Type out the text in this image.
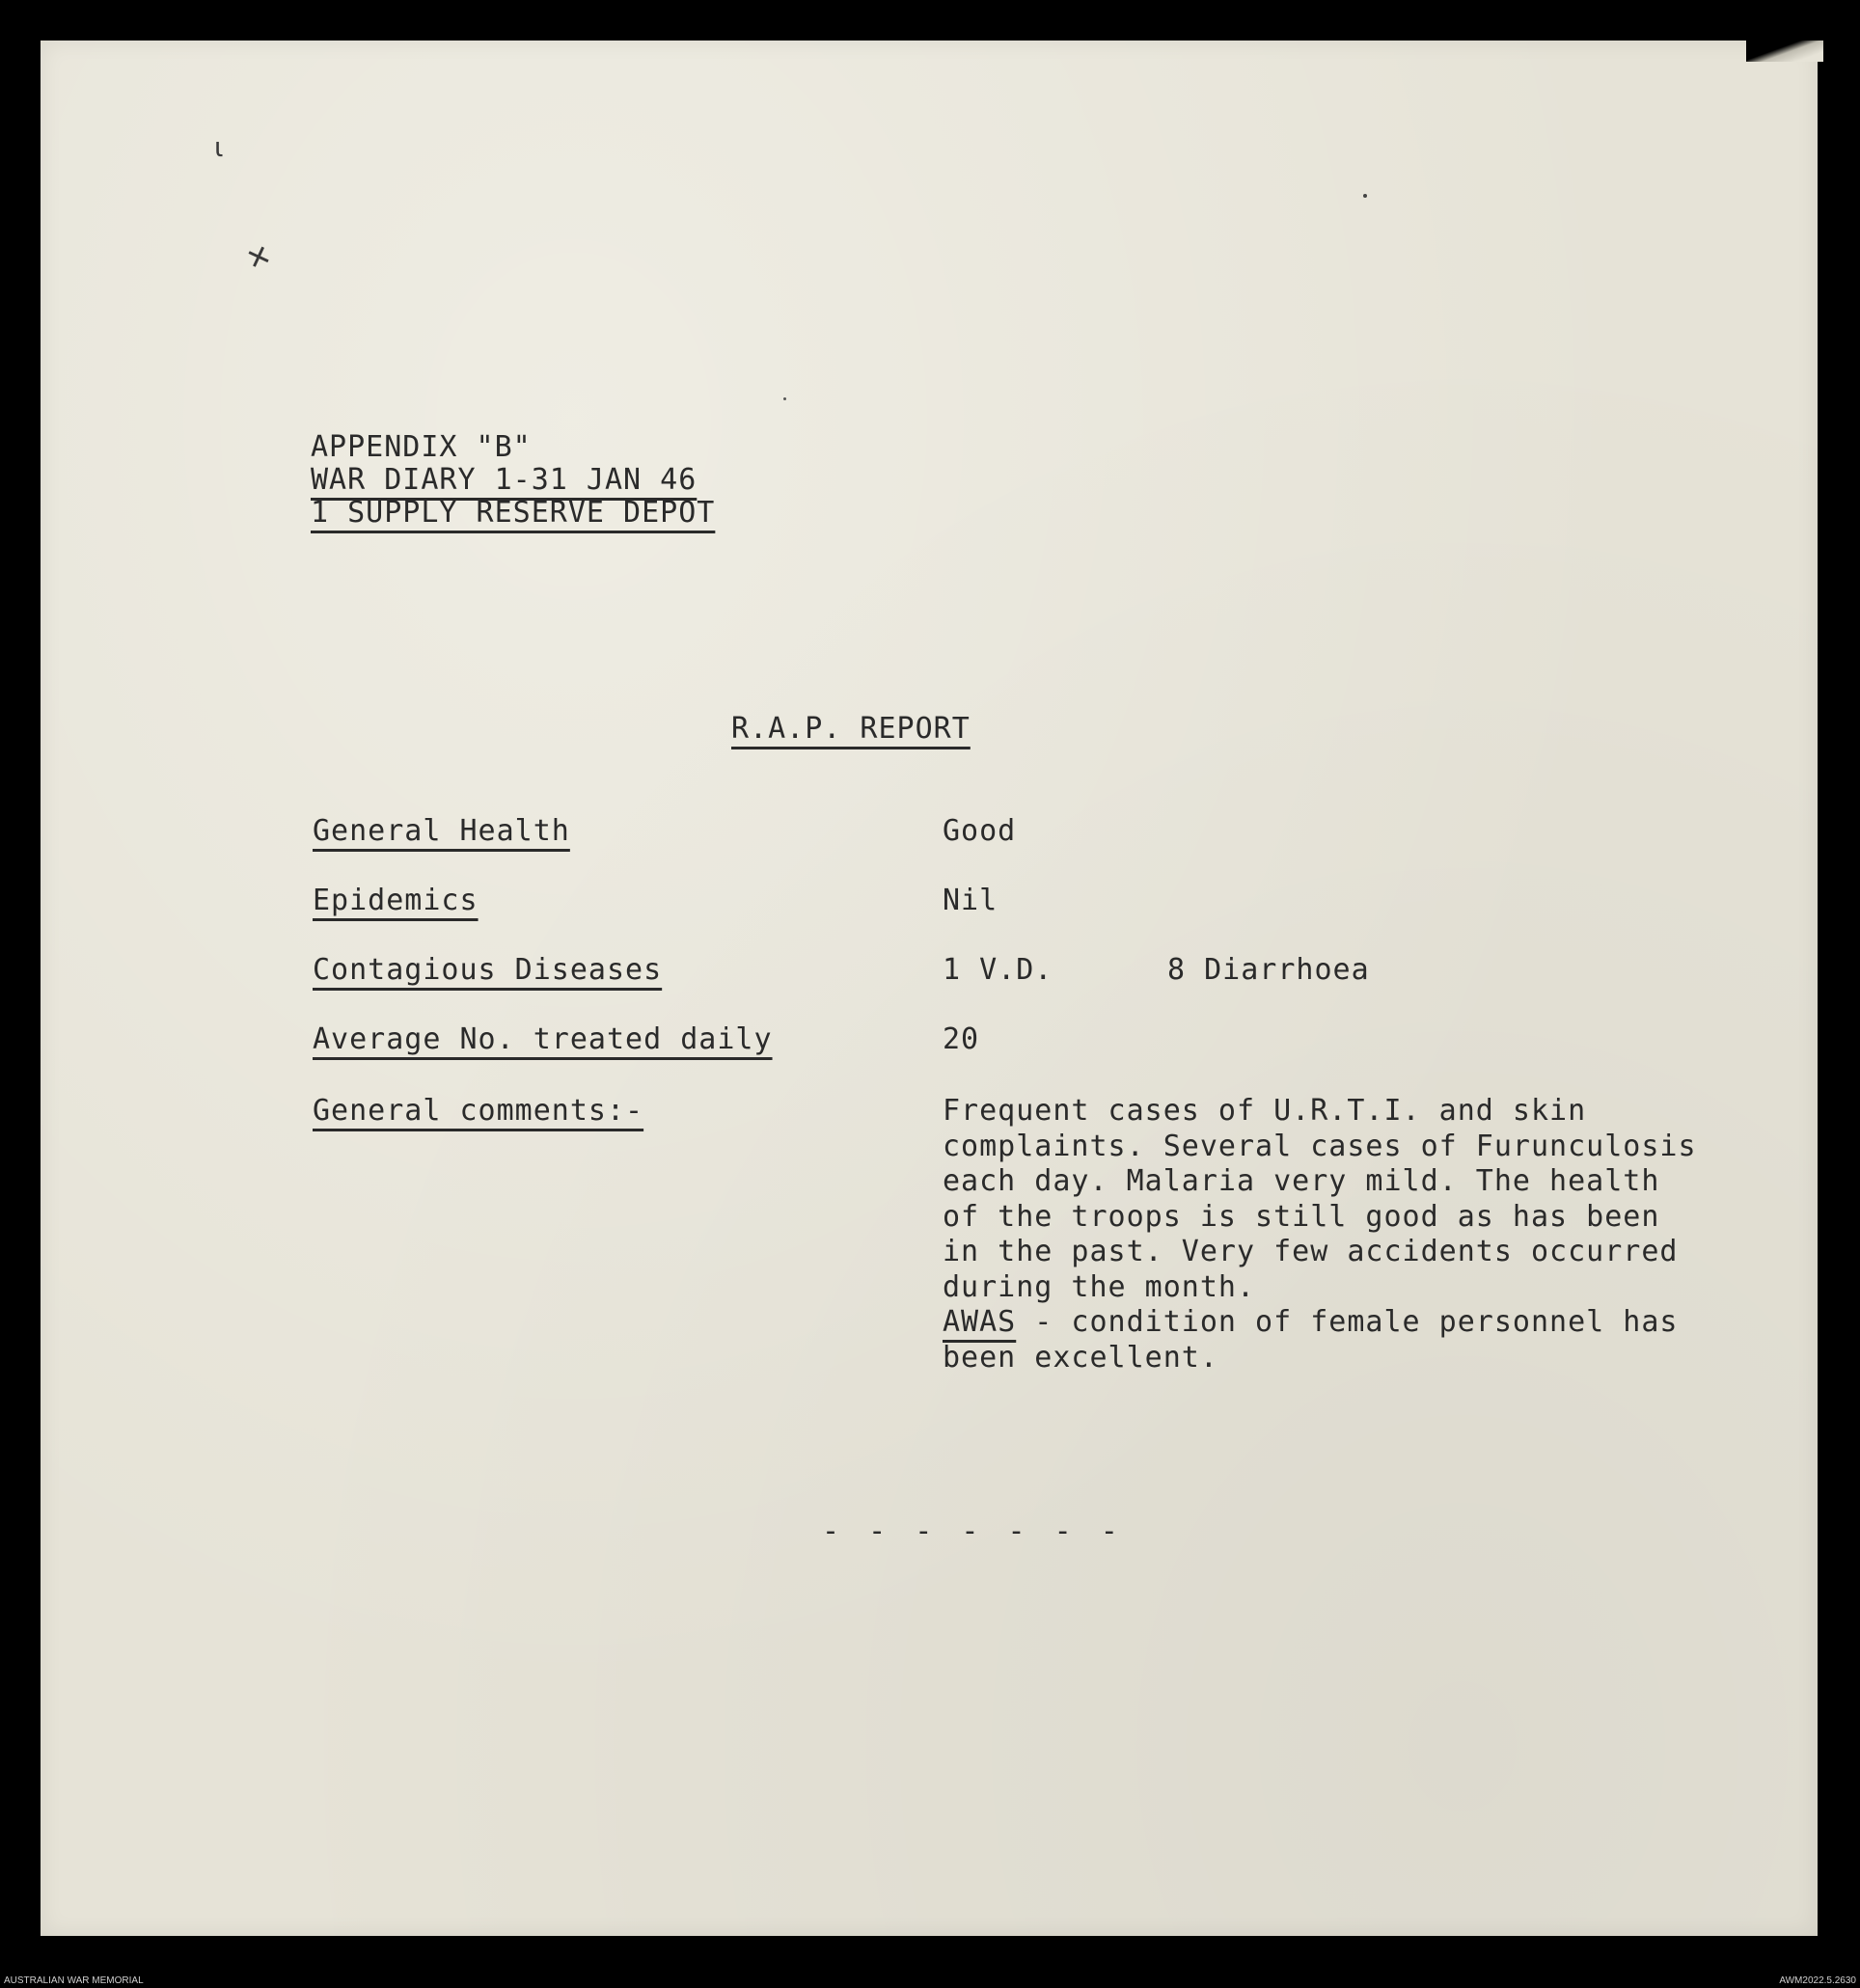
ι
✕
APPENDIX "B"
WAR DIARY 1-31 JAN 46
1 SUPPLY RESERVE DEPOT
R.A.P. REPORT
General Health	Good
Epidemics	Nil
Contagious Diseases	1 V.D.	8 Diarrhoea
Average No. treated daily	20
General comments:-	Frequent cases of U.R.T.I. and skin
complaints. Several cases of Furunculosis
each day. Malaria very mild. The health
of the troops is still good as has been
in the past. Very few accidents occurred
during the month.
AWAS - condition of female personnel has
been excellent.
- - - - - - -
AUSTRALIAN WAR MEMORIAL	AWM2022.5.2630
